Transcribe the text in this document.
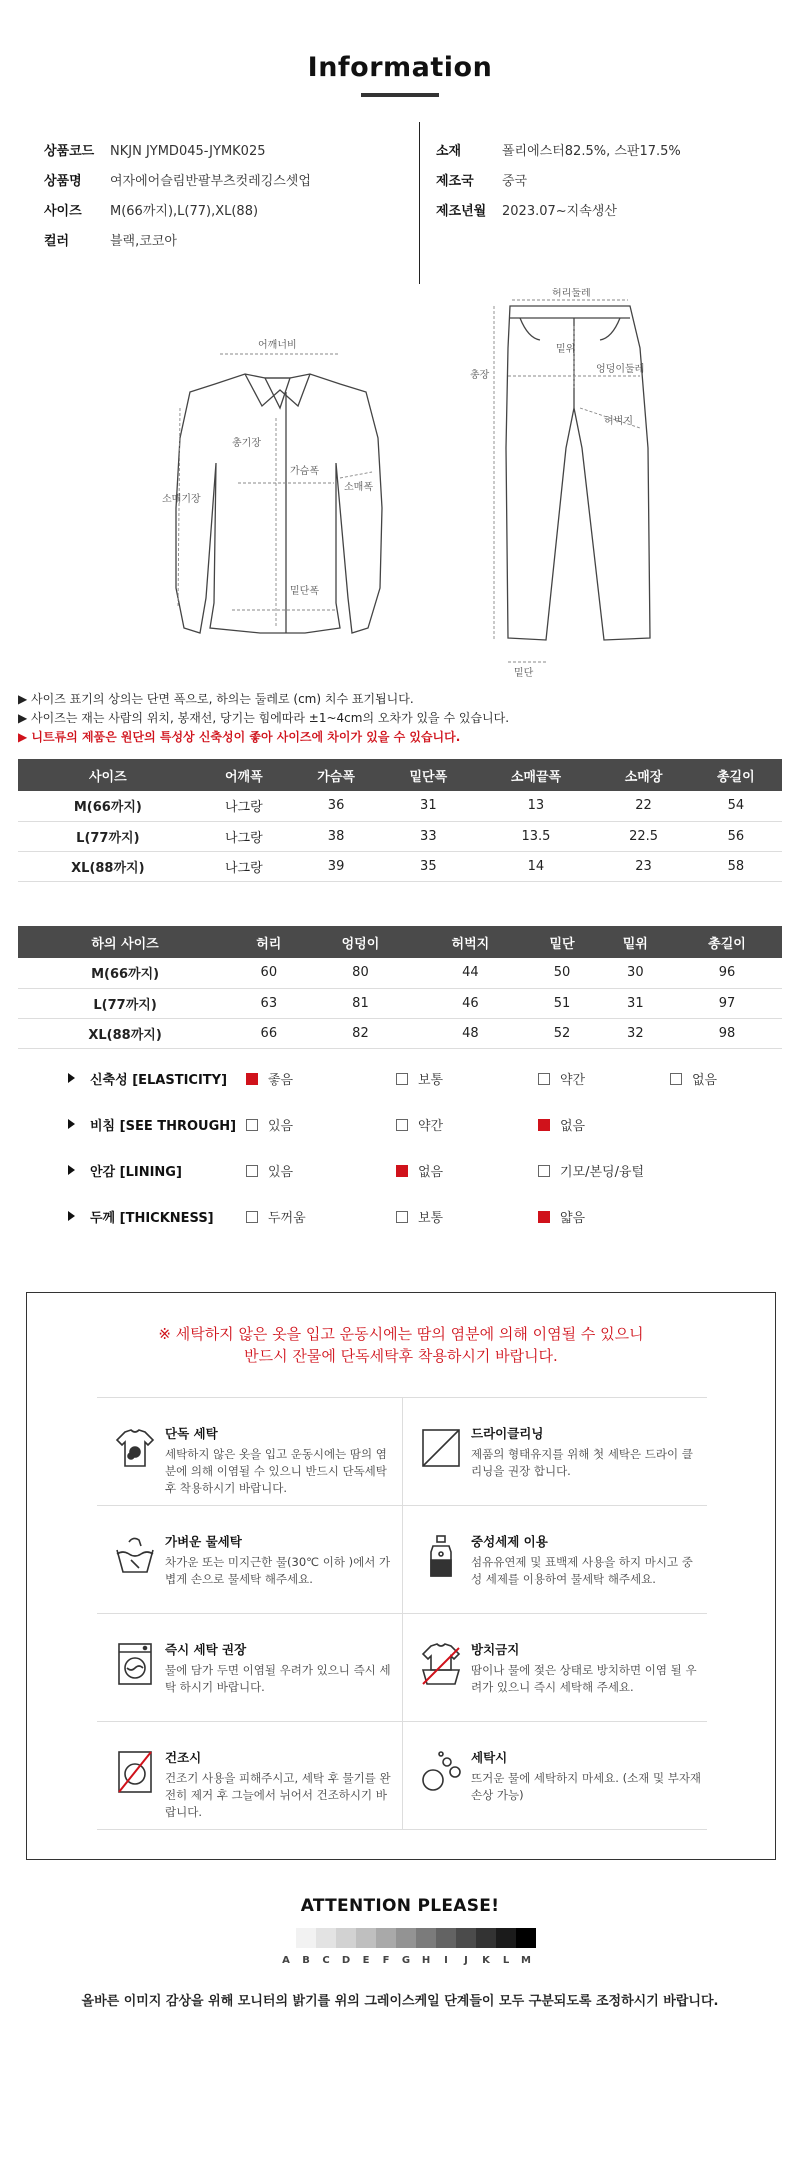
Information
상품코드	NKJN JYMD045-JYMK025
상품명	여자에어슬림반팔부츠컷레깅스셋업
사이즈	M(66까지),L(77),XL(88)
컬러	블랙,코코아
소재	폴리에스터82.5%, 스판17.5%
제조국	중국
제조년월	2023.07~지속생산
어깨너비
총기장
가슴폭
소매기장
소매폭
밑단폭
허리둘레
밑위
엉덩이둘레
허벅지
총장
밑단
▶ 사이즈 표기의 상의는 단면 폭으로, 하의는 둘레로 (cm) 치수 표기됩니다.
▶ 사이즈는 재는 사람의 위치, 봉재선, 당기는 힘에따라 ±1~4cm의 오차가 있을 수 있습니다.
▶ 니트류의 제품은 원단의 특성상 신축성이 좋아 사이즈에 차이가 있을 수 있습니다.
사이즈	어깨폭	가슴폭	밑단폭	소매끝폭	소매장	총길이
M(66까지)	나그랑	36	31	13	22	54
L(77까지)	나그랑	38	33	13.5	22.5	56
XL(88까지)	나그랑	39	35	14	23	58
하의 사이즈	허리	엉덩이	허벅지	밑단	밑위	총길이
M(66까지)	60	80	44	50	30	96
L(77까지)	63	81	46	51	31	97
XL(88까지)	66	82	48	52	32	98
신축성 [ELASTICITY]	좋음	보통	약간	없음
비침 [SEE THROUGH] 있음	약간	없음
안감 [LINING]	있음	없음	기모/본딩/융털
두께 [THICKNESS]	두꺼움	보통	얇음
※ 세탁하지 않은 옷을 입고 운동시에는 땀의 염분에 의해 이염될 수 있으니
반드시 잔물에 단독세탁후 착용하시기 바랍니다.
단독 세탁
세탁하지 않은 옷을 입고 운동시에는 땀의 염분에 의해 이염될 수 있으니 반드시 단독세탁후 착용하시기 바랍니다.
드라이클리닝
제품의 형태유지를 위해 첫 세탁은 드라이 클리닝을 권장 합니다.
가벼운 물세탁
차가운 또는 미지근한 물(30℃ 이하 )에서 가볍게 손으로 물세탁 해주세요.
중성세제 이용
섬유유연제 및 표백제 사용을 하지 마시고 중성 세제를 이용하여 물세탁 해주세요.
즉시 세탁 권장
물에 담가 두면 이염될 우려가 있으니 즉시 세탁 하시기 바랍니다.
방치금지
땀이나 물에 젖은 상태로 방치하면 이염 될 우려가 있으니 즉시 세탁해 주세요.
건조시
건조기 사용을 피해주시고, 세탁 후 물기를 완전히 제거 후 그늘에서 뉘어서 건조하시기 바랍니다.
세탁시
뜨거운 물에 세탁하지 마세요. (소재 및 부자재 손상 가능)
ATTENTION PLEASE!
A	B	C	D	E	F	G	H	I	J	K	L	M
올바른 이미지 감상을 위해 모니터의 밝기를 위의 그레이스케일 단계들이 모두 구분되도록 조정하시기 바랍니다.
